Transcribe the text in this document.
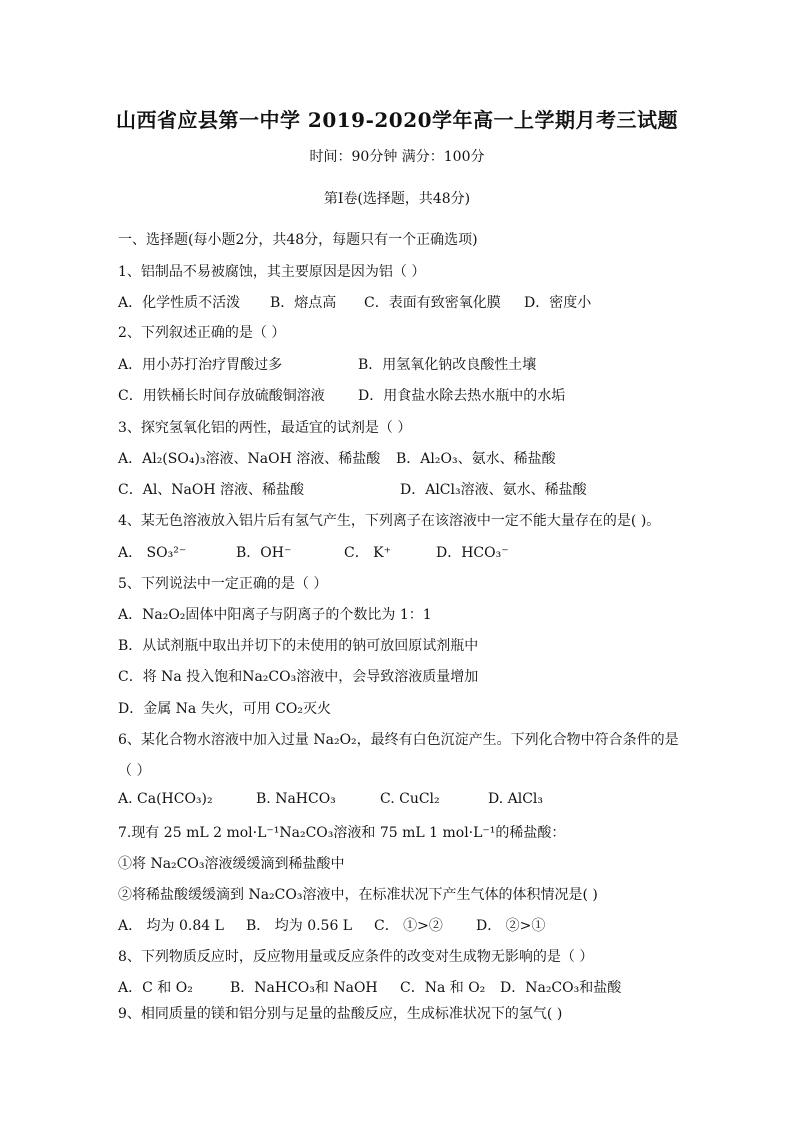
山西省应县第一中学 2019-2020学年高一上学期月考三试题
时间：90分钟 满分：100分
第Ⅰ卷(选择题，共48分)
一、选择题(每小题2分，共48分，每题只有一个正确选项)
1、铝制品不易被腐蚀，其主要原因是因为铝（ ）
A．化学性质不活泼 B．熔点高 C．表面有致密氧化膜 D．密度小
2、下列叙述正确的是（ ）
A．用小苏打治疗胃酸过多	B．用氢氧化钠改良酸性土壤
C．用铁桶长时间存放硫酸铜溶液 D．用食盐水除去热水瓶中的水垢
3、探究氢氧化铝的两性，最适宜的试剂是（ ）
A．Al₂(SO₄)₃溶液、NaOH 溶液、稀盐酸 B．Al₂O₃、氨水、稀盐酸
C．Al、NaOH 溶液、稀盐酸	D．AlCl₃溶液、氨水、稀盐酸
4、某无色溶液放入铝片后有氢气产生，下列离子在该溶液中一定不能大量存在的是( )。
A． SO₃²⁻	B．OH⁻	C． K⁺	D．HCO₃⁻
5、下列说法中一定正确的是（ ）
A．Na₂O₂固体中阳离子与阴离子的个数比为 1：1
B．从试剂瓶中取出并切下的未使用的钠可放回原试剂瓶中
C．将 Na 投入饱和Na₂CO₃溶液中，会导致溶液质量增加
D．金属 Na 失火，可用 CO₂灭火
6、某化合物水溶液中加入过量 Na₂O₂，最终有白色沉淀产生。下列化合物中符合条件的是
（ ）
A. Ca(HCO₃)₂	B. NaHCO₃	C. CuCl₂	D. AlCl₃
7.现有 25 mL 2 mol·L⁻¹Na₂CO₃溶液和 75 mL 1 mol·L⁻¹的稀盐酸：
①将 Na₂CO₃溶液缓缓滴到稀盐酸中
②将稀盐酸缓缓滴到 Na₂CO₃溶液中，在标准状况下产生气体的体积情况是( )
A． 均为 0.84 L B． 均为 0.56 L C． ①>② D． ②>①
8、下列物质反应时，反应物用量或反应条件的改变对生成物无影响的是（ ）
A．C 和 O₂	B．NaHCO₃和 NaOH C．Na 和 O₂ D．Na₂CO₃和盐酸
9、相同质量的镁和铝分别与足量的盐酸反应，生成标准状况下的氢气( )
